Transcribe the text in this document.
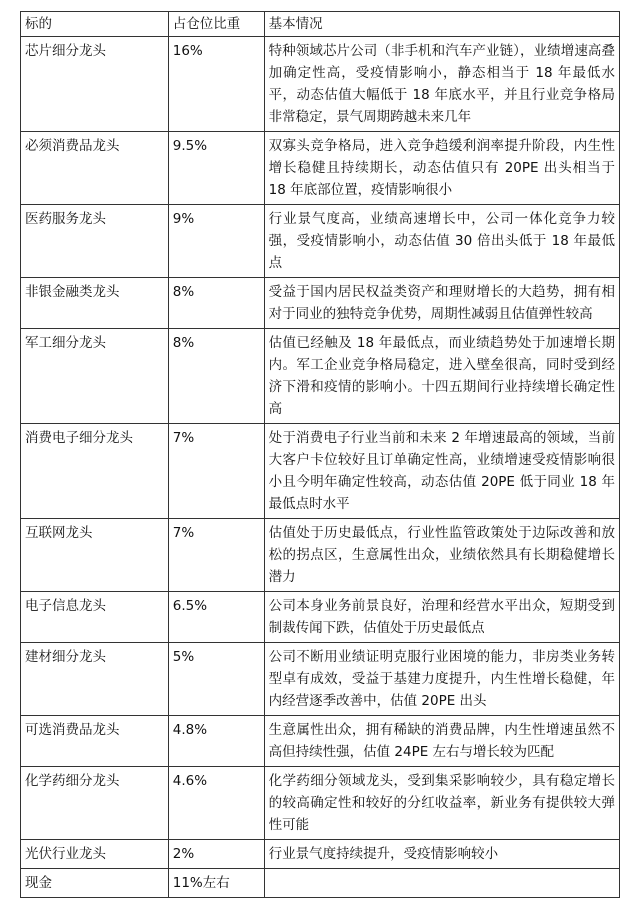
标的	占仓位比重	基本情况
芯片细分龙头	16%	特种领域芯片公司（非手机和汽车产业链），业绩增速高叠加确定性高，受疫情影响小，静态相当于 18 年最低水平，动态估值大幅低于 18 年底水平，并且行业竞争格局非常稳定，景气周期跨越未来几年
必须消费品龙头	9.5%	双寡头竞争格局，进入竞争趋缓利润率提升阶段，内生性增长稳健且持续期长，动态估值只有 20PE 出头相当于 18 年底部位置，疫情影响很小
医药服务龙头	9%	行业景气度高，业绩高速增长中，公司一体化竞争力较强，受疫情影响小，动态估值 30 倍出头低于 18 年最低点
非银金融类龙头	8%	受益于国内居民权益类资产和理财增长的大趋势，拥有相对于同业的独特竞争优势，周期性减弱且估值弹性较高
军工细分龙头	8%	估值已经触及 18 年最低点，而业绩趋势处于加速增长期内。军工企业竞争格局稳定，进入壁垒很高，同时受到经济下滑和疫情的影响小。十四五期间行业持续增长确定性高
消费电子细分龙头	7%	处于消费电子行业当前和未来 2 年增速最高的领域，当前大客户卡位较好且订单确定性高，业绩增速受疫情影响很小且今明年确定性较高，动态估值 20PE 低于同业 18 年最低点时水平
互联网龙头	7%	估值处于历史最低点，行业性监管政策处于边际改善和放松的拐点区，生意属性出众，业绩依然具有长期稳健增长潜力
电子信息龙头	6.5%	公司本身业务前景良好，治理和经营水平出众，短期受到制裁传闻下跌，估值处于历史最低点
建材细分龙头	5%	公司不断用业绩证明克服行业困境的能力，非房类业务转型卓有成效，受益于基建力度提升，内生性增长稳健，年内经营逐季改善中，估值 20PE 出头
可选消费品龙头	4.8%	生意属性出众，拥有稀缺的消费品牌，内生性增速虽然不高但持续性强，估值 24PE 左右与增长较为匹配
化学药细分龙头	4.6%	化学药细分领域龙头，受到集采影响较少，具有稳定增长的较高确定性和较好的分红收益率，新业务有提供较大弹性可能
光伏行业龙头	2%	行业景气度持续提升，受疫情影响较小
现金	11%左右	
